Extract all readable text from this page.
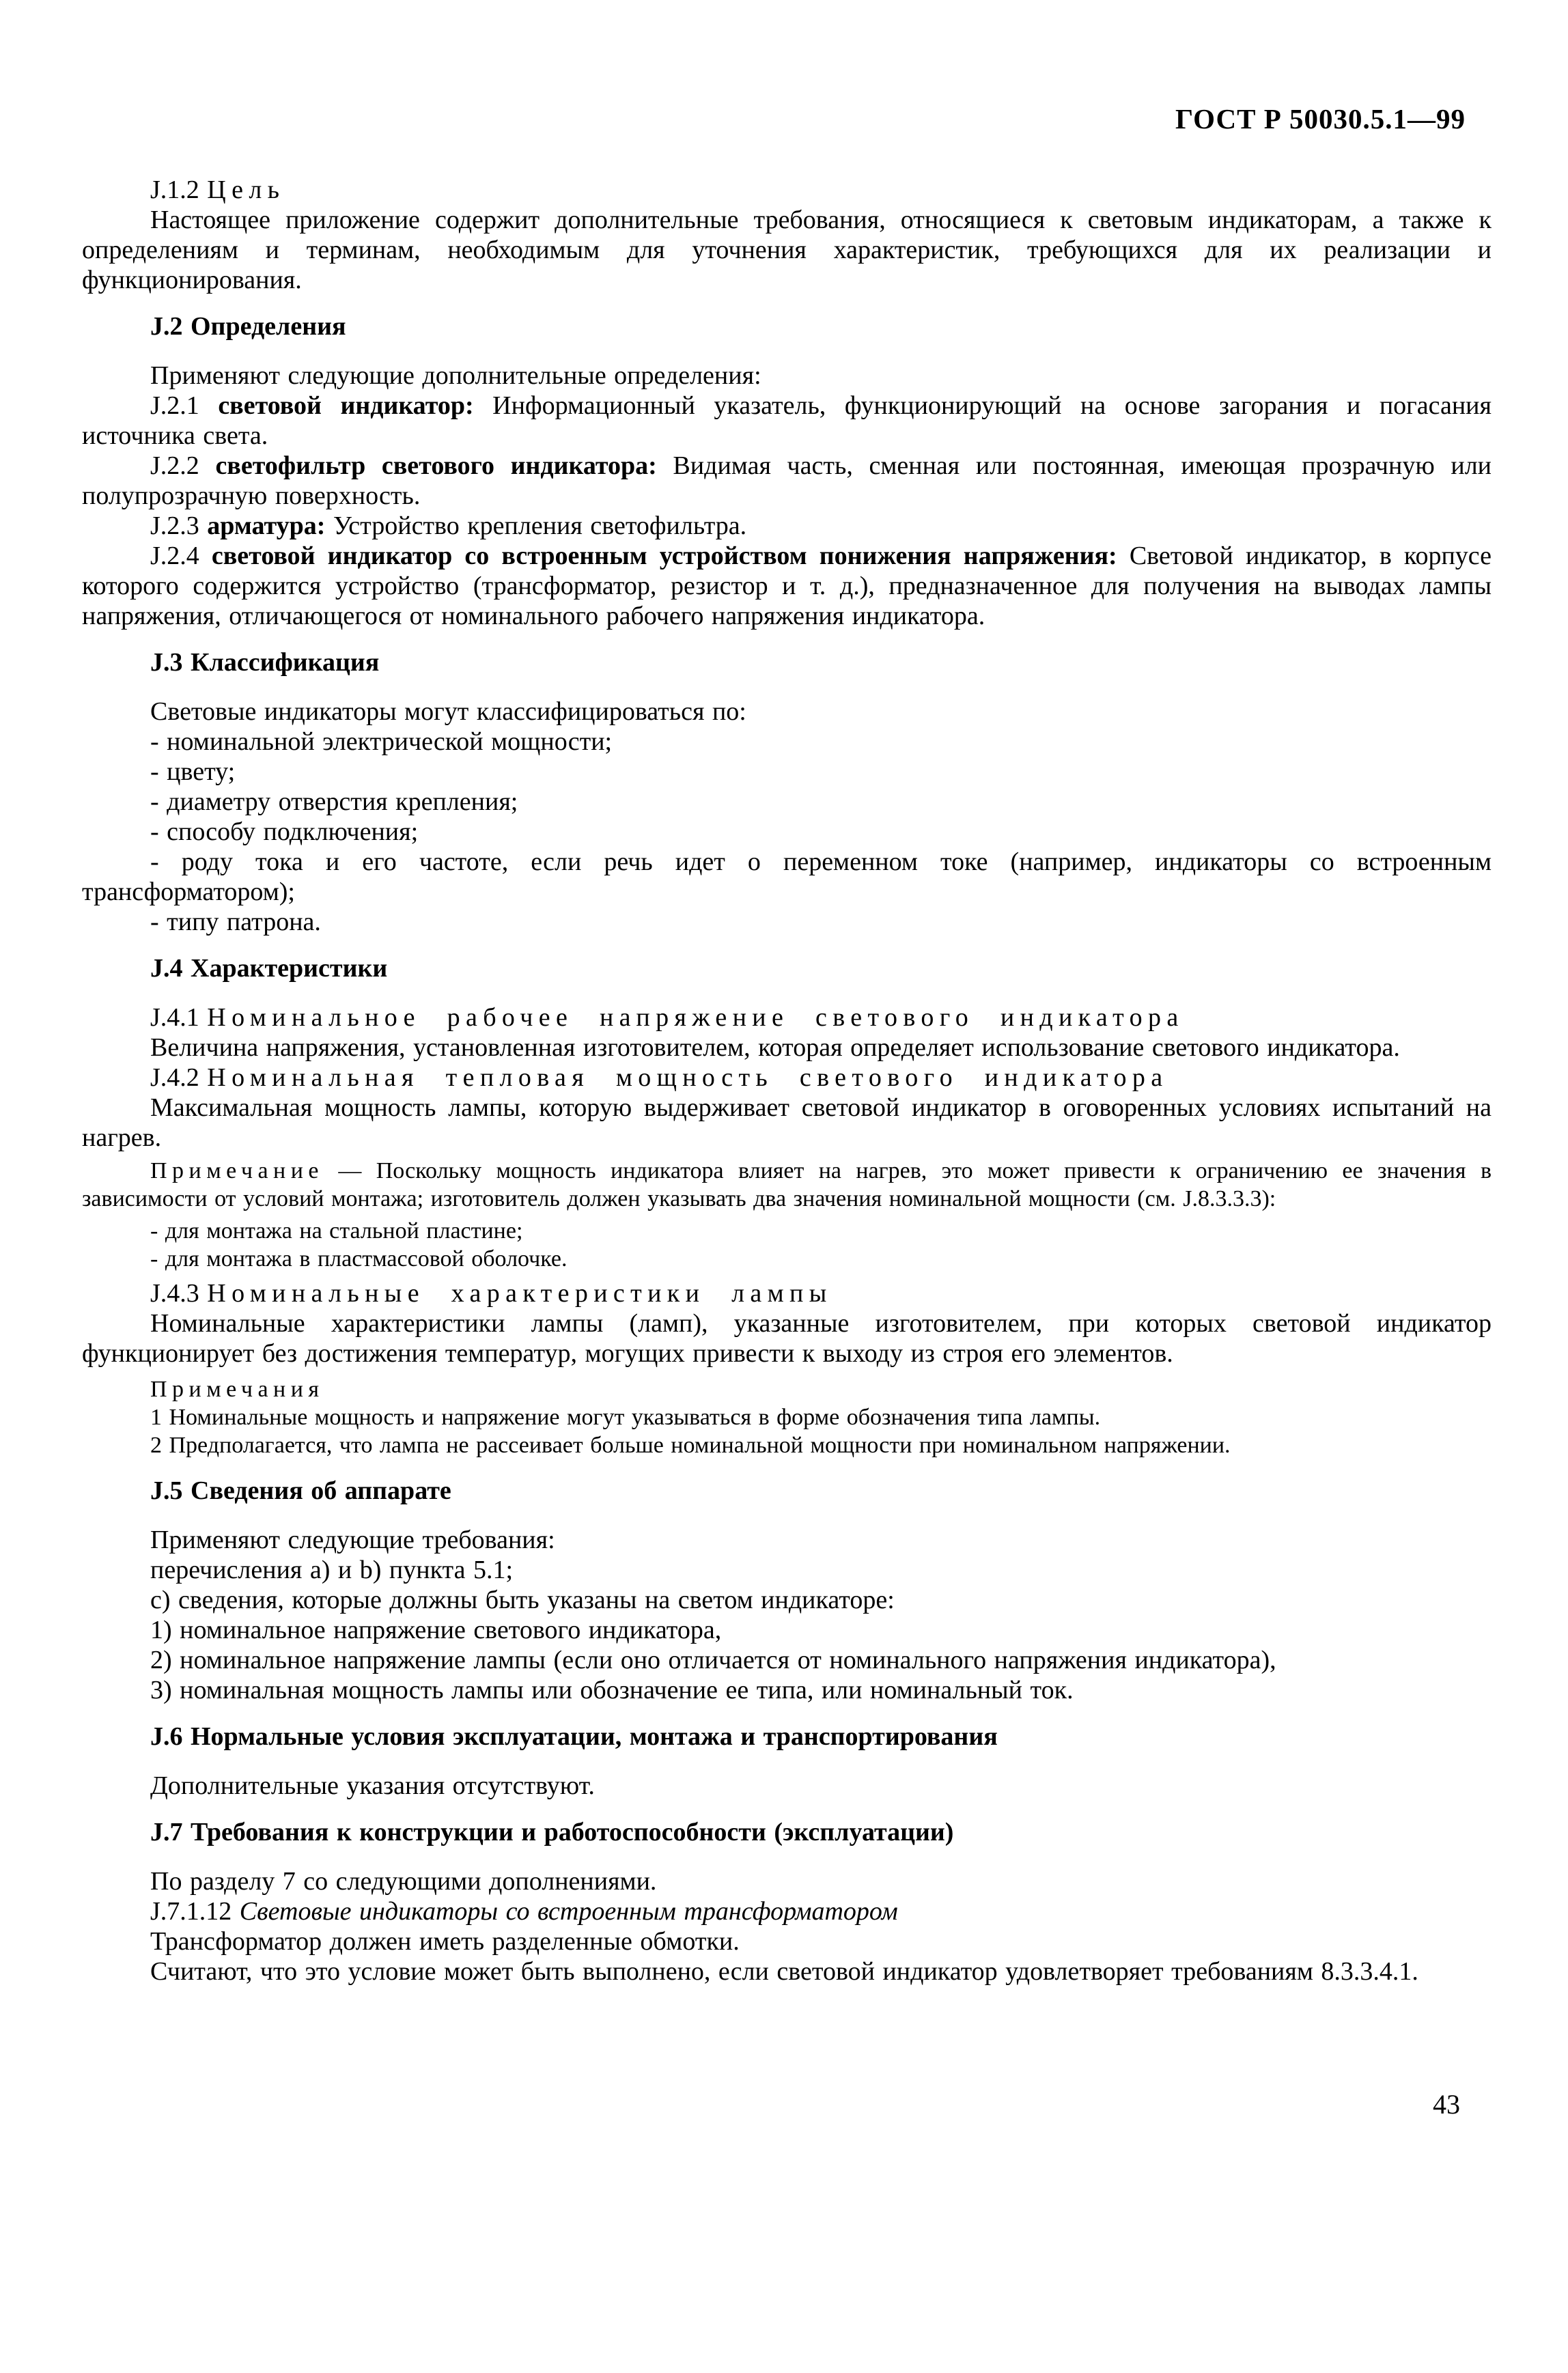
ГОСТ Р 50030.5.1—99

J.1.2 Цель

Настоящее приложение содержит дополнительные требования, относящиеся к световым индикаторам, а также к определениям и терминам, необходимым для уточнения характеристик, требующихся для их реализации и функционирования.

J.2 Определения

Применяют следующие дополнительные определения:

J.2.1 световой индикатор: Информационный указатель, функционирующий на основе загорания и погасания источника света.

J.2.2 светофильтр светового индикатора: Видимая часть, сменная или постоянная, имеющая прозрачную или полупрозрачную поверхность.

J.2.3 арматура: Устройство крепления светофильтра.

J.2.4 световой индикатор со встроенным устройством понижения напряжения: Световой индикатор, в корпусе которого содержится устройство (трансформатор, резистор и т. д.), предназначенное для получения на выводах лампы напряжения, отличающегося от номинального рабочего напряжения индикатора.

J.3 Классификация

Световые индикаторы могут классифицироваться по:

- номинальной электрической мощности;

- цвету;

- диаметру отверстия крепления;

- способу подключения;

- роду тока и его частоте, если речь идет о переменном токе (например, индикаторы со встроенным трансформатором);

- типу патрона.

J.4 Характеристики

J.4.1 Номинальное рабочее напряжение светового индикатора

Величина напряжения, установленная изготовителем, которая определяет использование светового индикатора.

J.4.2 Номинальная тепловая мощность светового индикатора

Максимальная мощность лампы, которую выдерживает световой индикатор в оговоренных условиях испытаний на нагрев.

Примечание — Поскольку мощность индикатора влияет на нагрев, это может привести к ограничению ее значения в зависимости от условий монтажа; изготовитель должен указывать два значения номинальной мощности (см. J.8.3.3.3):

- для монтажа на стальной пластине;

- для монтажа в пластмассовой оболочке.

J.4.3 Номинальные характеристики лампы

Номинальные характеристики лампы (ламп), указанные изготовителем, при которых световой индикатор функционирует без достижения температур, могущих привести к выходу из строя его элементов.

Примечания

1 Номинальные мощность и напряжение могут указываться в форме обозначения типа лампы.

2 Предполагается, что лампа не рассеивает больше номинальной мощности при номинальном напряжении.

J.5 Сведения об аппарате

Применяют следующие требования:

перечисления a) и b) пункта 5.1;

c) сведения, которые должны быть указаны на светом индикаторе:

1) номинальное напряжение светового индикатора,

2) номинальное напряжение лампы (если оно отличается от номинального напряжения индикатора),

3) номинальная мощность лампы или обозначение ее типа, или номинальный ток.

J.6 Нормальные условия эксплуатации, монтажа и транспортирования

Дополнительные указания отсутствуют.

J.7 Требования к конструкции и работоспособности (эксплуатации)

По разделу 7 со следующими дополнениями.

J.7.1.12 Световые индикаторы со встроенным трансформатором

Трансформатор должен иметь разделенные обмотки.

Считают, что это условие может быть выполнено, если световой индикатор удовлетворяет требованиям 8.3.3.4.1.

43
